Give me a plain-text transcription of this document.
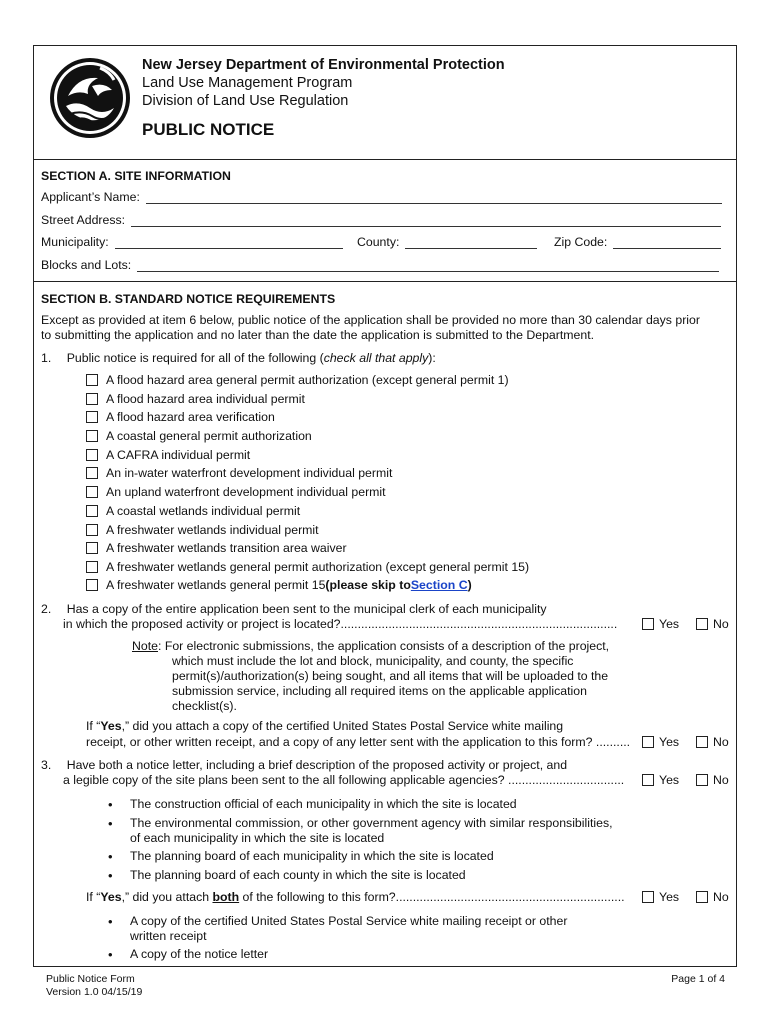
New Jersey Department of Environmental Protection
Land Use Management Program
Division of Land Use Regulation
PUBLIC NOTICE
SECTION A. SITE INFORMATION
Applicant’s Name:
Street Address:
Municipality:	County:	Zip Code:
Blocks and Lots:
SECTION B. STANDARD NOTICE REQUIREMENTS
Except as provided at item 6 below, public notice of the application shall be provided no more than 30 calendar days prior
to submitting the application and no later than the date the application is submitted to the Department.
1. Public notice is required for all of the following (check all that apply):
A flood hazard area general permit authorization (except general permit 1)
A flood hazard area individual permit
A flood hazard area verification
A coastal general permit authorization
A CAFRA individual permit
An in-water waterfront development individual permit
An upland waterfront development individual permit
A coastal wetlands individual permit
A freshwater wetlands individual permit
A freshwater wetlands transition area waiver
A freshwater wetlands general permit authorization (except general permit 15)
A freshwater wetlands general permit 15 (please skip to Section C )
2. Has a copy of the entire application been sent to the municipal clerk of each municipality
in which the proposed activity or project is located?.................................................................................	Yes	No
Note: For electronic submissions, the application consists of a description of the project,
which must include the lot and block, municipality, and county, the specific
permit(s)/authorization(s) being sought, and all items that will be uploaded to the
submission service, including all required items on the applicable application
checklist(s).
If “Yes,” did you attach a copy of the certified United States Postal Service white mailing
receipt, or other written receipt, and a copy of any letter sent with the application to this form? ..........	Yes	No
3. Have both a notice letter, including a brief description of the proposed activity or project, and
a legible copy of the site plans been sent to the all following applicable agencies? ..................................	Yes	No
•	The construction official of each municipality in which the site is located
•	The environmental commission, or other government agency with similar responsibilities,
of each municipality in which the site is located
•	The planning board of each municipality in which the site is located
•	The planning board of each county in which the site is located
If “Yes,” did you attach both of the following to this form?...................................................................	Yes	No
•	A copy of the certified United States Postal Service white mailing receipt or other
written receipt
•	A copy of the notice letter
Public Notice Form
Version 1.0 04/15/19
Page 1 of 4
